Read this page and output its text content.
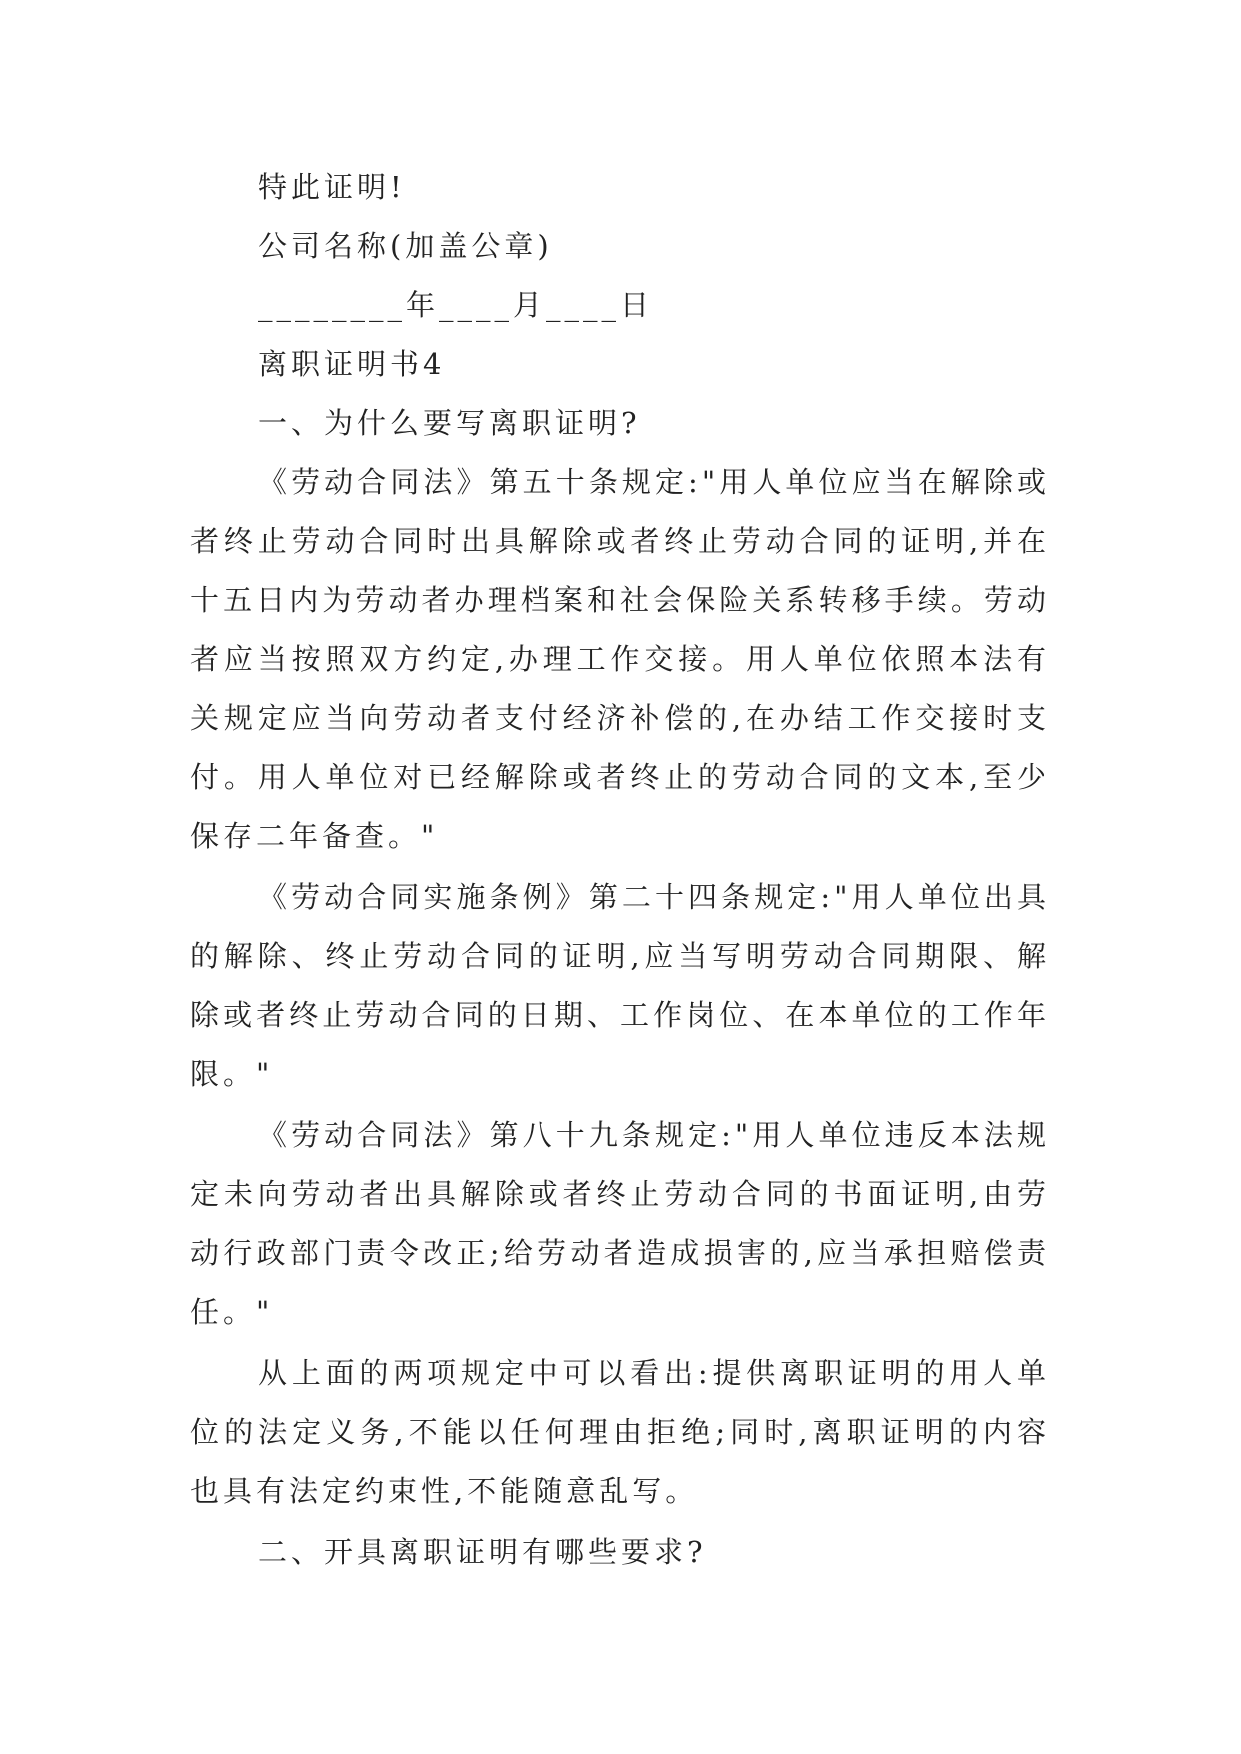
特此证明!

公司名称(加盖公章)

________年____月____日

离职证明书4

一、为什么要写离职证明?

《劳动合同法》第五十条规定:"用人单位应当在解除或者终止劳动合同时出具解除或者终止劳动合同的证明,并在十五日内为劳动者办理档案和社会保险关系转移手续。劳动者应当按照双方约定,办理工作交接。用人单位依照本法有关规定应当向劳动者支付经济补偿的,在办结工作交接时支付。用人单位对已经解除或者终止的劳动合同的文本,至少保存二年备查。"

《劳动合同实施条例》第二十四条规定:"用人单位出具的解除、终止劳动合同的证明,应当写明劳动合同期限、解除或者终止劳动合同的日期、工作岗位、在本单位的工作年限。"

《劳动合同法》第八十九条规定:"用人单位违反本法规定未向劳动者出具解除或者终止劳动合同的书面证明,由劳动行政部门责令改正;给劳动者造成损害的,应当承担赔偿责任。"

从上面的两项规定中可以看出:提供离职证明的用人单位的法定义务,不能以任何理由拒绝;同时,离职证明的内容也具有法定约束性,不能随意乱写。

二、开具离职证明有哪些要求?
